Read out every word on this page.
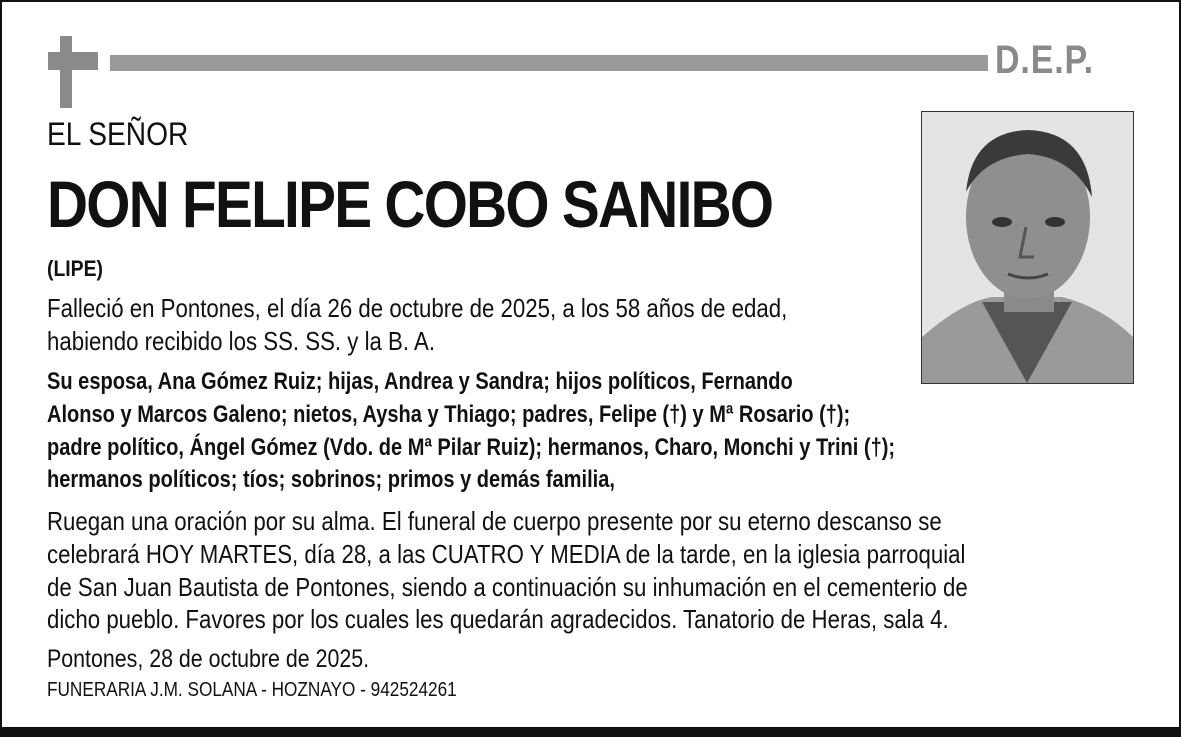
D.E.P.
EL SEÑOR
DON FELIPE COBO SANIBO
(LIPE)
Falleció en Pontones, el día 26 de octubre de 2025, a los 58 años de edad,
habiendo recibido los SS. SS. y la B. A.
Su esposa, Ana Gómez Ruiz; hijas, Andrea y Sandra; hijos políticos, Fernando
Alonso y Marcos Galeno; nietos, Aysha y Thiago; padres, Felipe (†) y Mª Rosario (†);
padre político, Ángel Gómez (Vdo. de Mª Pilar Ruiz); hermanos, Charo, Monchi y Trini (†);
hermanos políticos; tíos; sobrinos; primos y demás familia,
Ruegan una oración por su alma. El funeral de cuerpo presente por su eterno descanso se
celebrará HOY MARTES, día 28, a las CUATRO Y MEDIA de la tarde, en la iglesia parroquial
de San Juan Bautista de Pontones, siendo a continuación su inhumación en el cementerio de
dicho pueblo. Favores por los cuales les quedarán agradecidos. Tanatorio de Heras, sala 4.
Pontones, 28 de octubre de 2025.
FUNERARIA J.M. SOLANA - HOZNAYO - 942524261
